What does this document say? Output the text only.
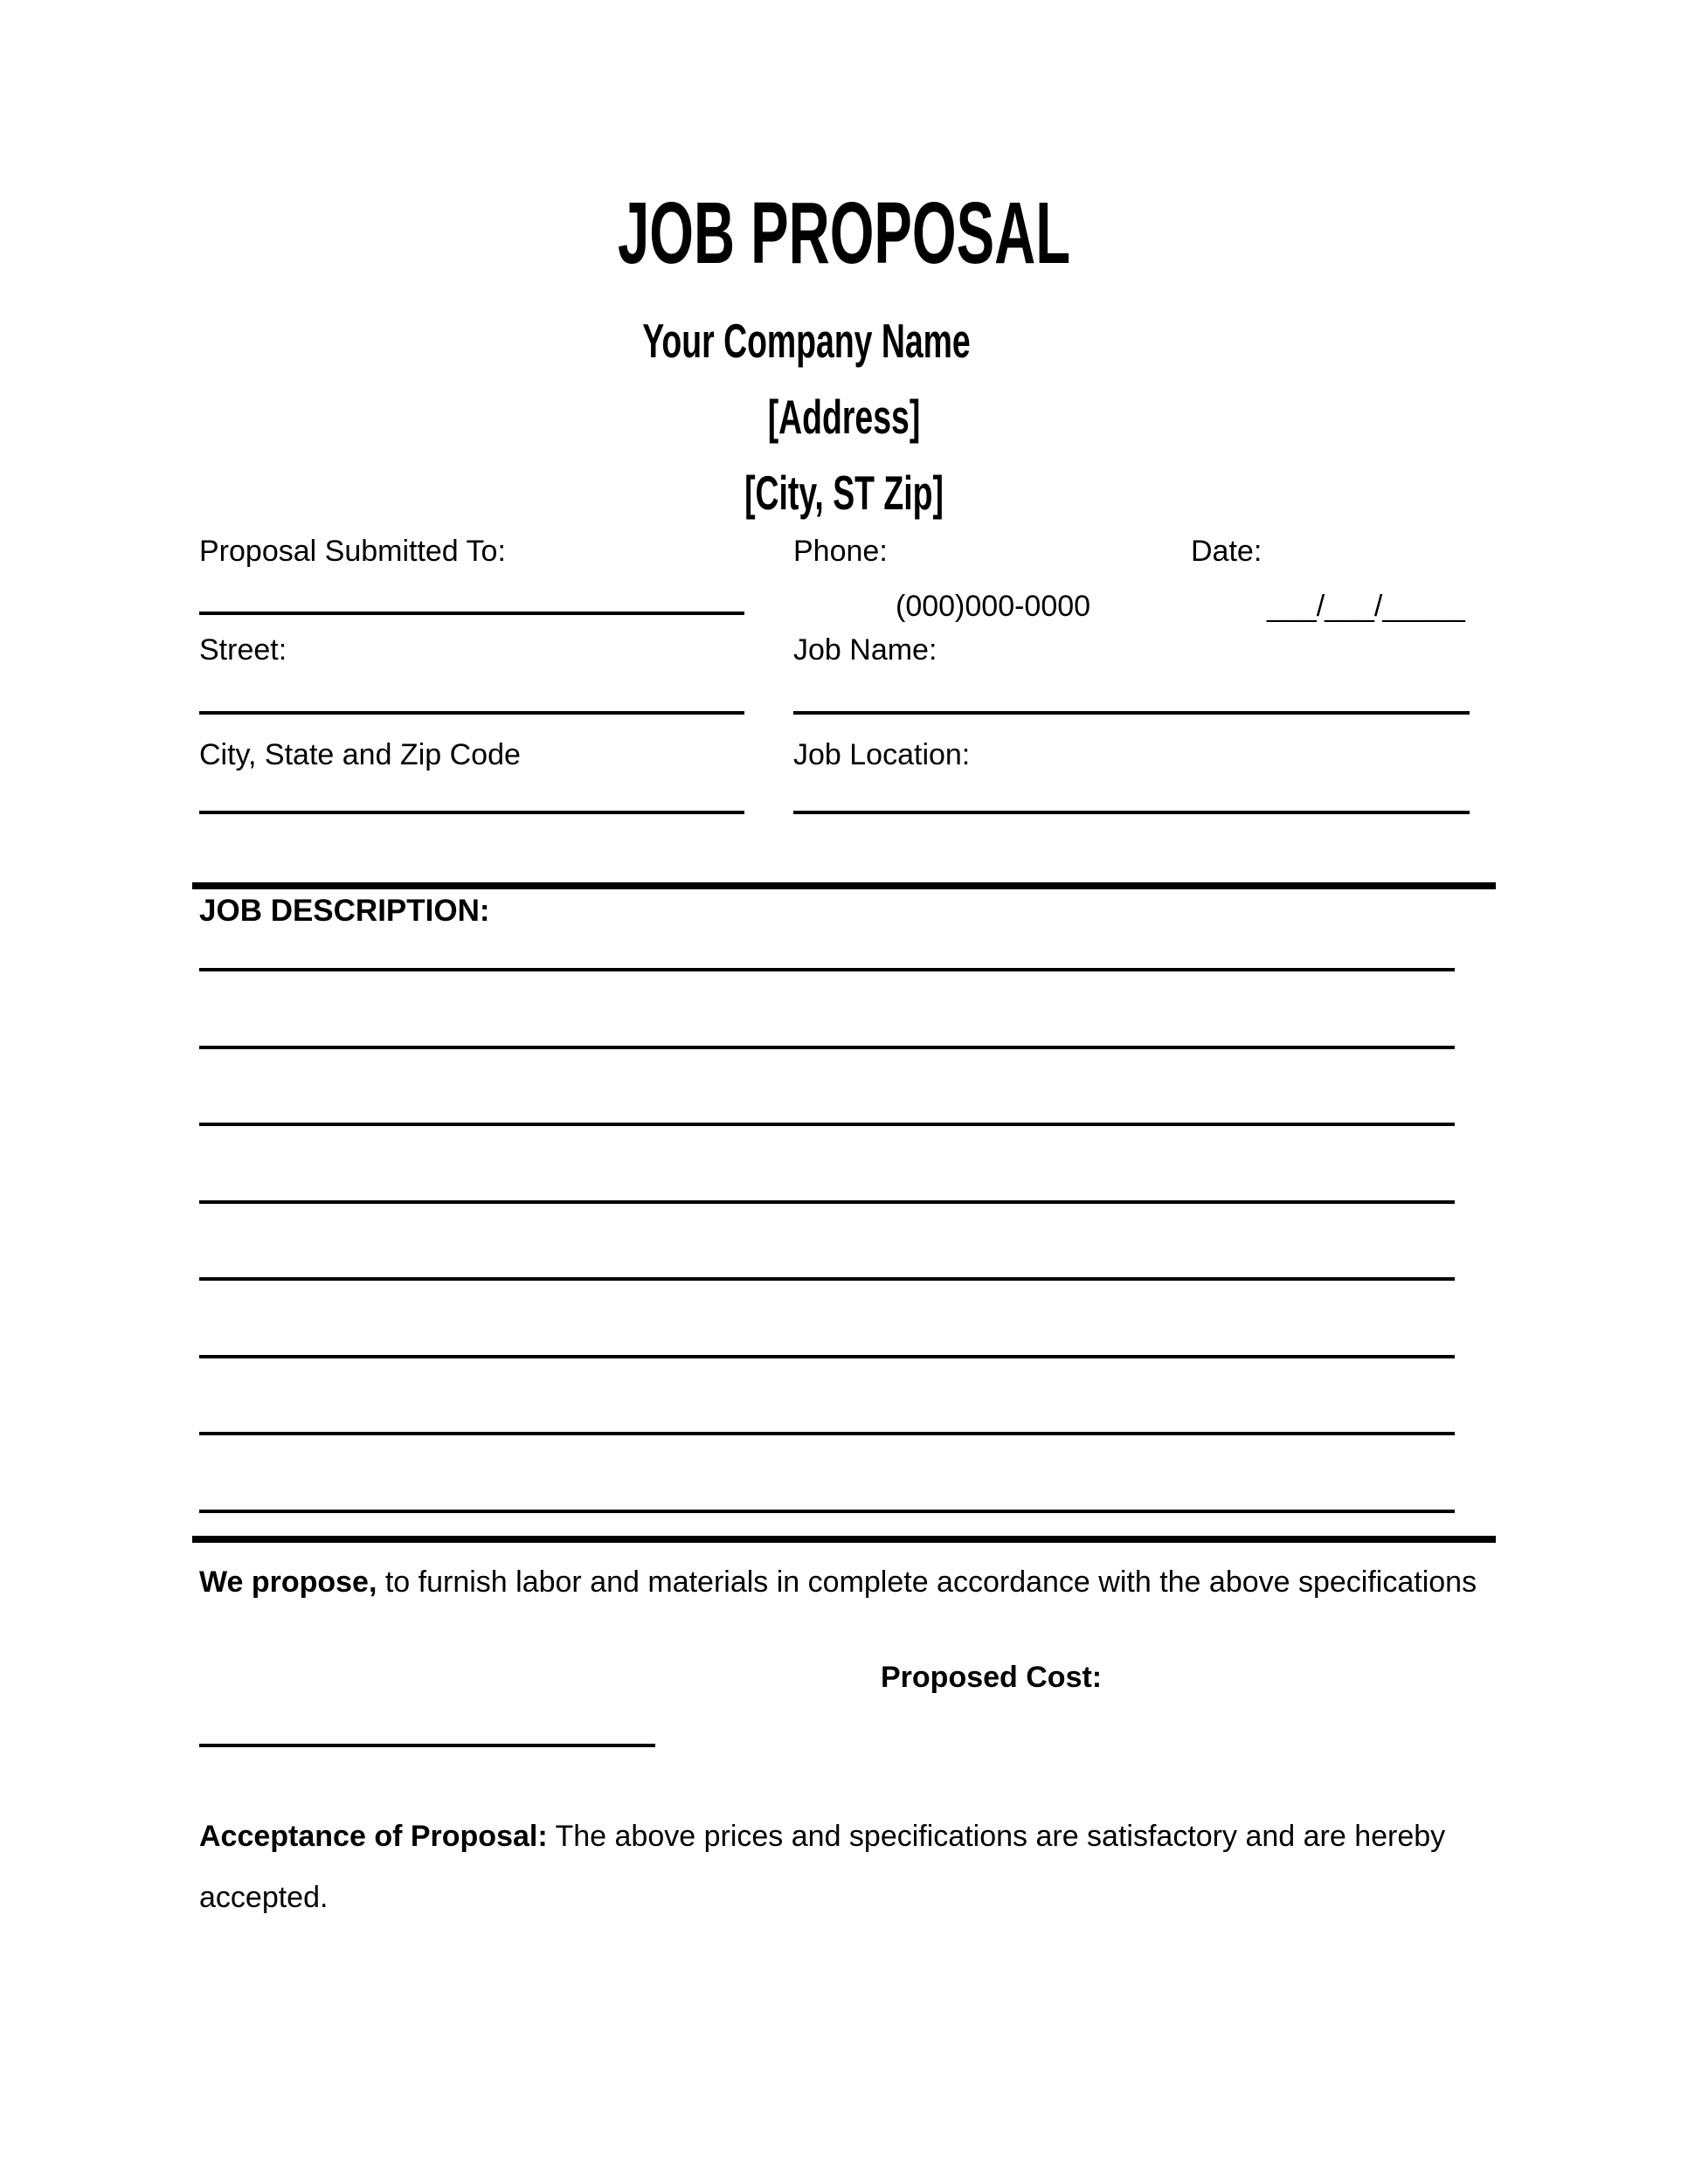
JOB PROPOSAL
Your Company Name
[Address]
[City, ST Zip]
Proposal Submitted To:	Phone:	Date:
(000)000-0000	___/___/_____
Street:	Job Name:
City, State and Zip Code	Job Location:
JOB DESCRIPTION:
We propose, to furnish labor and materials in complete accordance with the above specifications
Proposed Cost:
Acceptance of Proposal: The above prices and specifications are satisfactory and are hereby
accepted.
